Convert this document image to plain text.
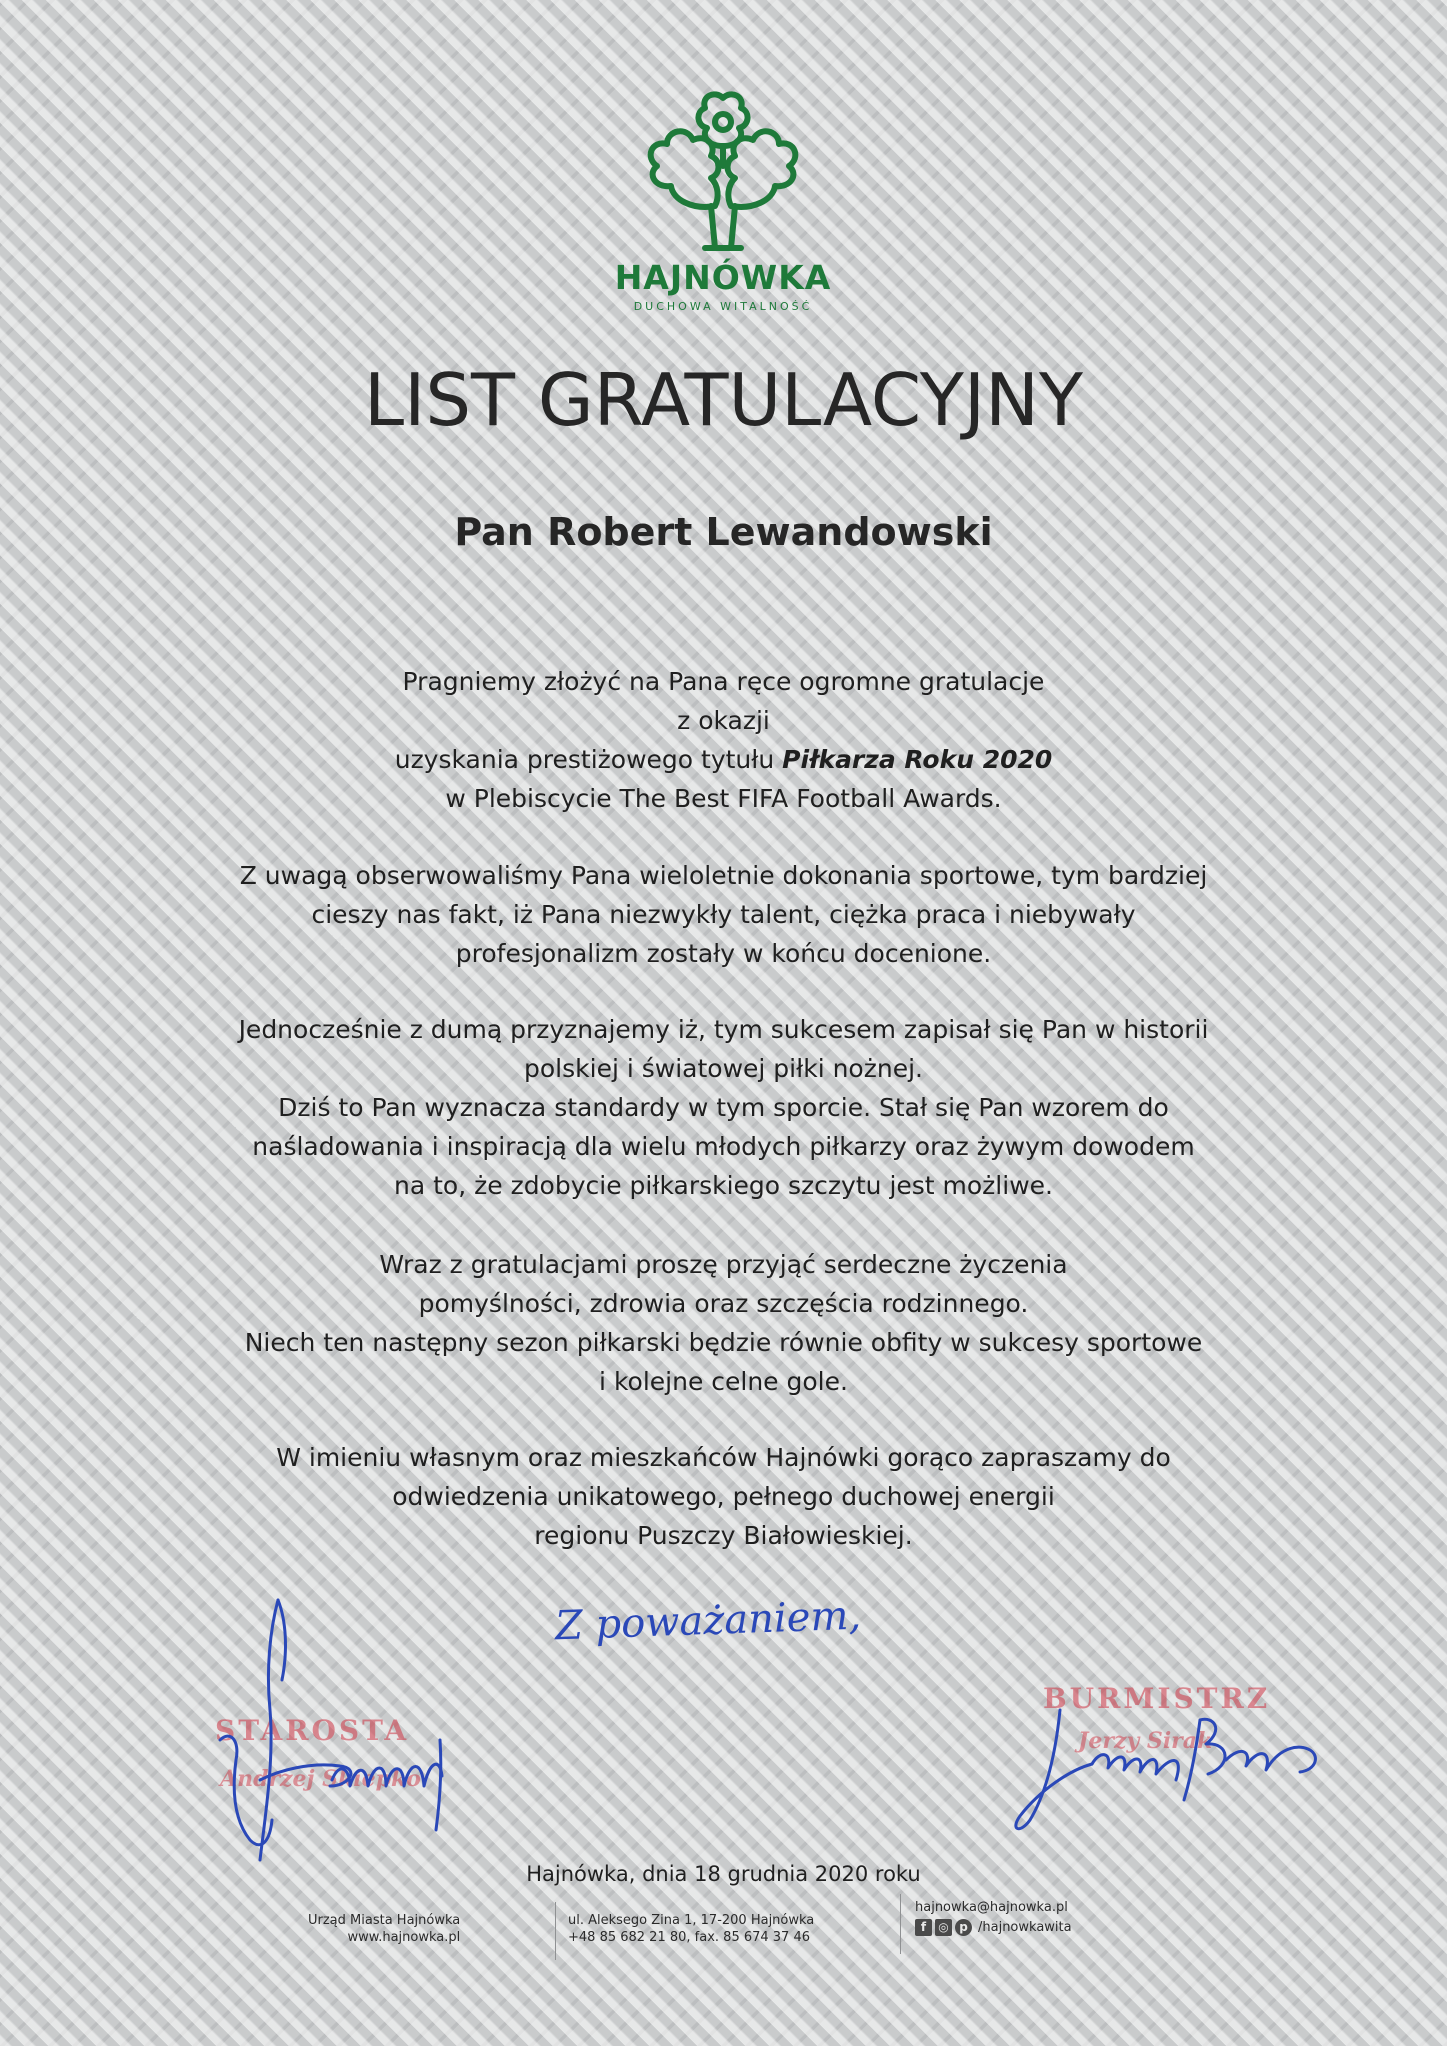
HAJNÓWKA
DUCHOWA WITALNOŚĆ
LIST GRATULACYJNY
Pan Robert Lewandowski
Pragniemy złożyć na Pana ręce ogromne gratulacje
z okazji
uzyskania prestiżowego tytułu Piłkarza Roku 2020
w Plebiscycie The Best FIFA Football Awards.
Z uwagą obserwowaliśmy Pana wieloletnie dokonania sportowe, tym bardziej
cieszy nas fakt, iż Pana niezwykły talent, ciężka praca i niebywały
profesjonalizm zostały w końcu docenione.
Jednocześnie z dumą przyznajemy iż, tym sukcesem zapisał się Pan w historii
polskiej i światowej piłki nożnej.
Dziś to Pan wyznacza standardy w tym sporcie. Stał się Pan wzorem do
naśladowania i inspiracją dla wielu młodych piłkarzy oraz żywym dowodem
na to, że zdobycie piłkarskiego szczytu jest możliwe.
Wraz z gratulacjami proszę przyjąć serdeczne życzenia
pomyślności, zdrowia oraz szczęścia rodzinnego.
Niech ten następny sezon piłkarski będzie równie obfity w sukcesy sportowe
i kolejne celne gole.
W imieniu własnym oraz mieszkańców Hajnówki gorąco zapraszamy do
odwiedzenia unikatowego, pełnego duchowej energii
regionu Puszczy Białowieskiej.
Z poważaniem,
STAROSTA
Andrzej Skiepko
BURMISTRZ
Jerzy Sirak
Hajnówka, dnia 18 grudnia 2020 roku
Urząd Miasta Hajnówka
www.hajnowka.pl
ul. Aleksego Zina 1, 17-200 Hajnówka
+48 85 682 21 80, fax. 85 674 37 46
hajnowka@hajnowka.pl
f	◎ p /hajnowkawita
